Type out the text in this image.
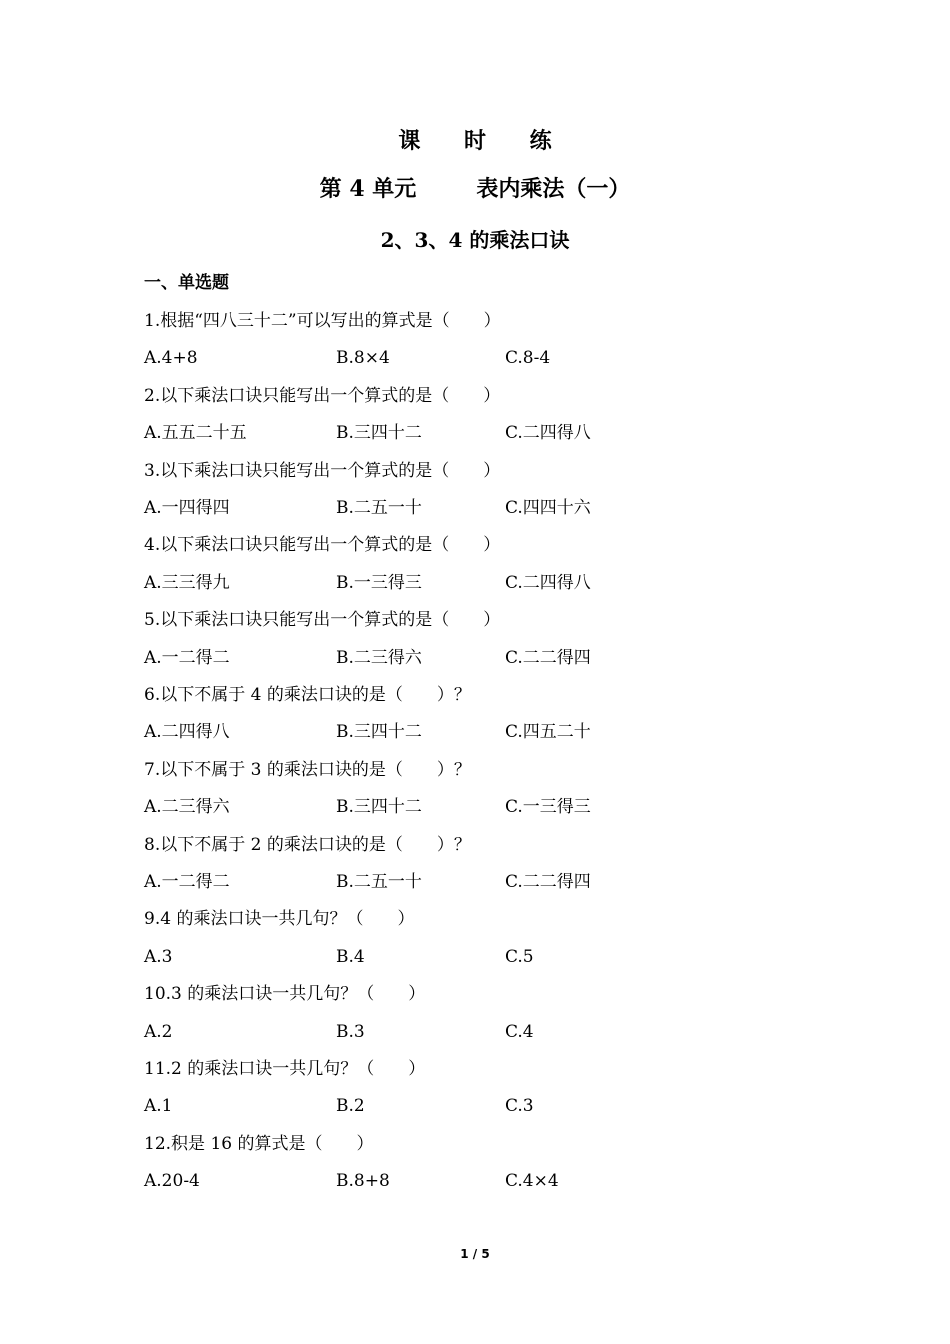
课 时 练
第 4 单元	表内乘法（一）
2、3、4 的乘法口诀
一、单选题
1.根据“四八三十二”可以写出的算式是（　　）
A.4+8	B.8×4	C.8-4
2.以下乘法口诀只能写出一个算式的是（　　）
A.五五二十五	B.三四十二	C.二四得八
3.以下乘法口诀只能写出一个算式的是（　　）
A.一四得四	B.二五一十	C.四四十六
4.以下乘法口诀只能写出一个算式的是（　　）
A.三三得九	B.一三得三	C.二四得八
5.以下乘法口诀只能写出一个算式的是（　　）
A.一二得二	B.二三得六	C.二二得四
6.以下不属于 4 的乘法口诀的是（　　）？
A.二四得八	B.三四十二	C.四五二十
7.以下不属于 3 的乘法口诀的是（　　）？
A.二三得六	B.三四十二	C.一三得三
8.以下不属于 2 的乘法口诀的是（　　）？
A.一二得二	B.二五一十	C.二二得四
9.4 的乘法口诀一共几句？（　　）
A.3	B.4	C.5
10.3 的乘法口诀一共几句？（　　）
A.2	B.3	C.4
11.2 的乘法口诀一共几句？（　　）
A.1	B.2	C.3
12.积是 16 的算式是（　　）
A.20-4	B.8+8	C.4×4
1 / 5
